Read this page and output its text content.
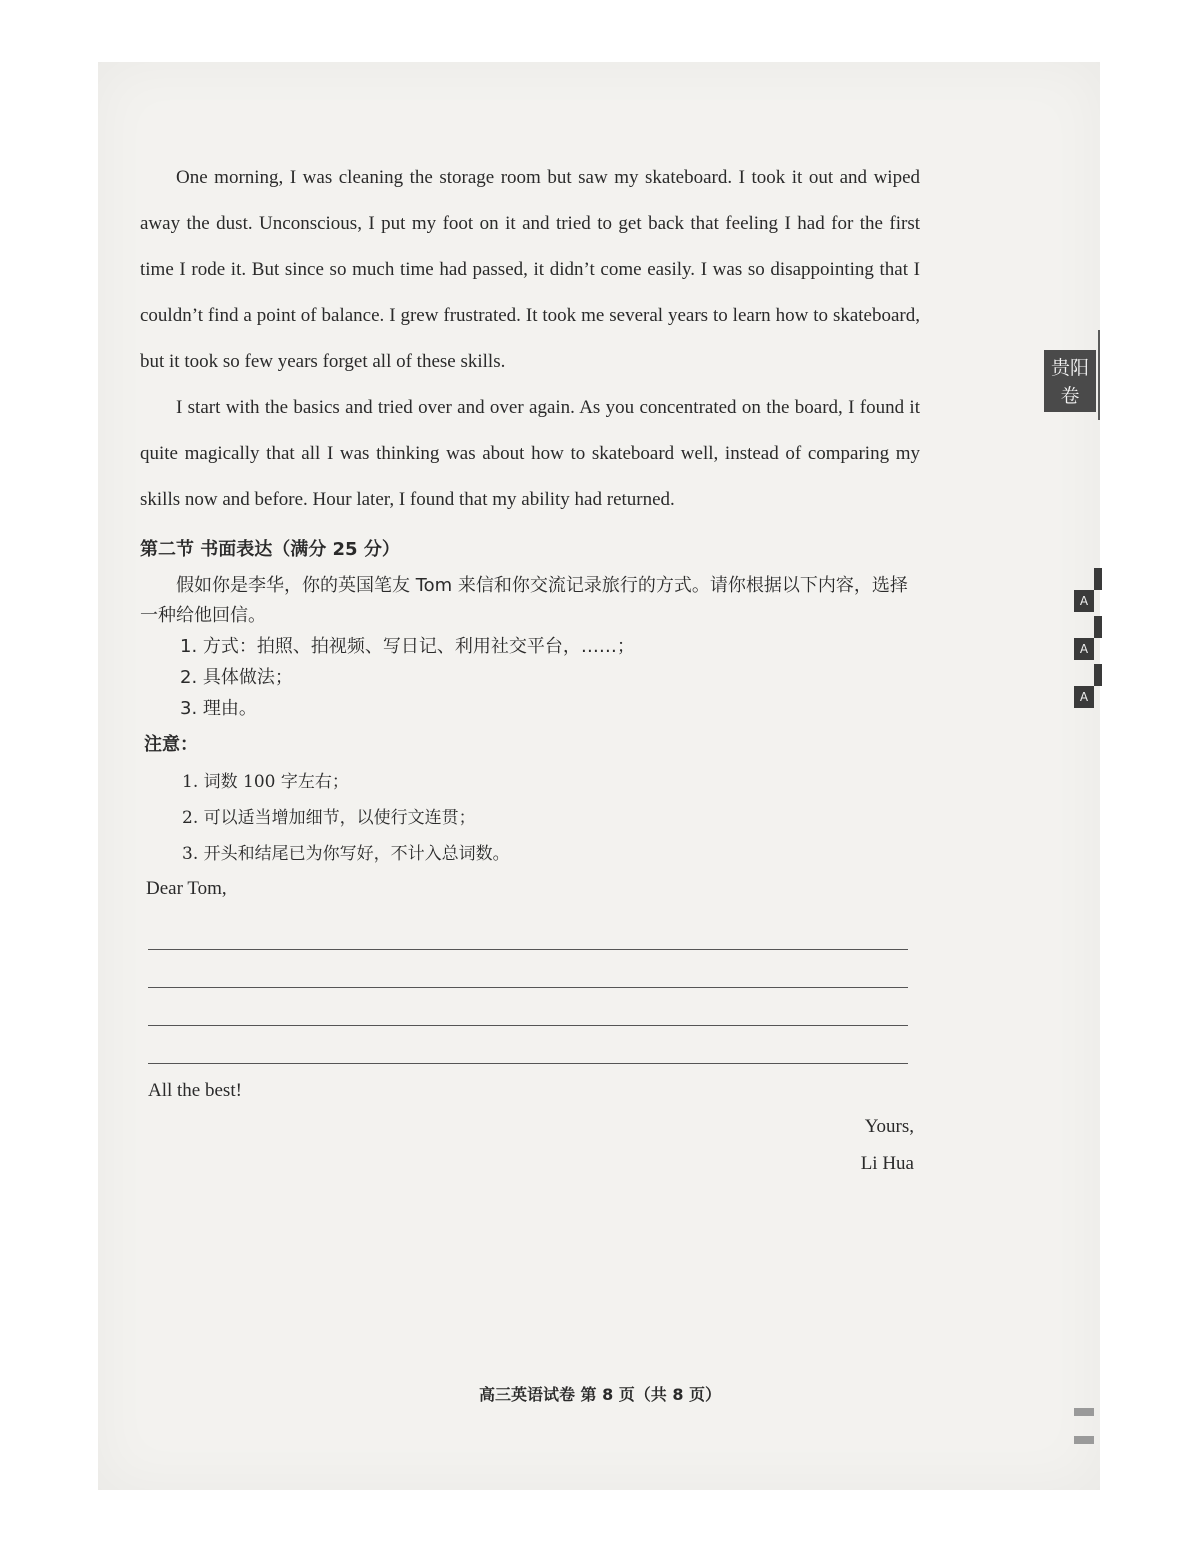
贵阳
卷
A
A
A

One morning, I was cleaning the storage room but saw my skateboard. I took it out and wiped away the dust. Unconscious, I put my foot on it and tried to get back that feeling I had for the first time I rode it. But since so much time had passed, it didn’t come easily. I was so disappointing that I couldn’t find a point of balance. I grew frustrated. It took me several years to learn how to skateboard, but it took so few years forget all of these skills.

I start with the basics and tried over and over again. As you concentrated on the board, I found it quite magically that all I was thinking was about how to skateboard well, instead of comparing my skills now and before. Hour later, I found that my ability had returned.

第二节 书面表达（满分 25 分）

假如你是李华，你的英国笔友 Tom 来信和你交流记录旅行的方式。请你根据以下内容，选择一种给他回信。

1. 方式：拍照、拍视频、写日记、利用社交平台，……；
2. 具体做法；
3. 理由。
注意：
1. 词数 100 字左右；
2. 可以适当增加细节，以使行文连贯；
3. 开头和结尾已为你写好，不计入总词数。
Dear Tom,
All the best!
Yours,
Li Hua
高三英语试卷 第 8 页（共 8 页）
